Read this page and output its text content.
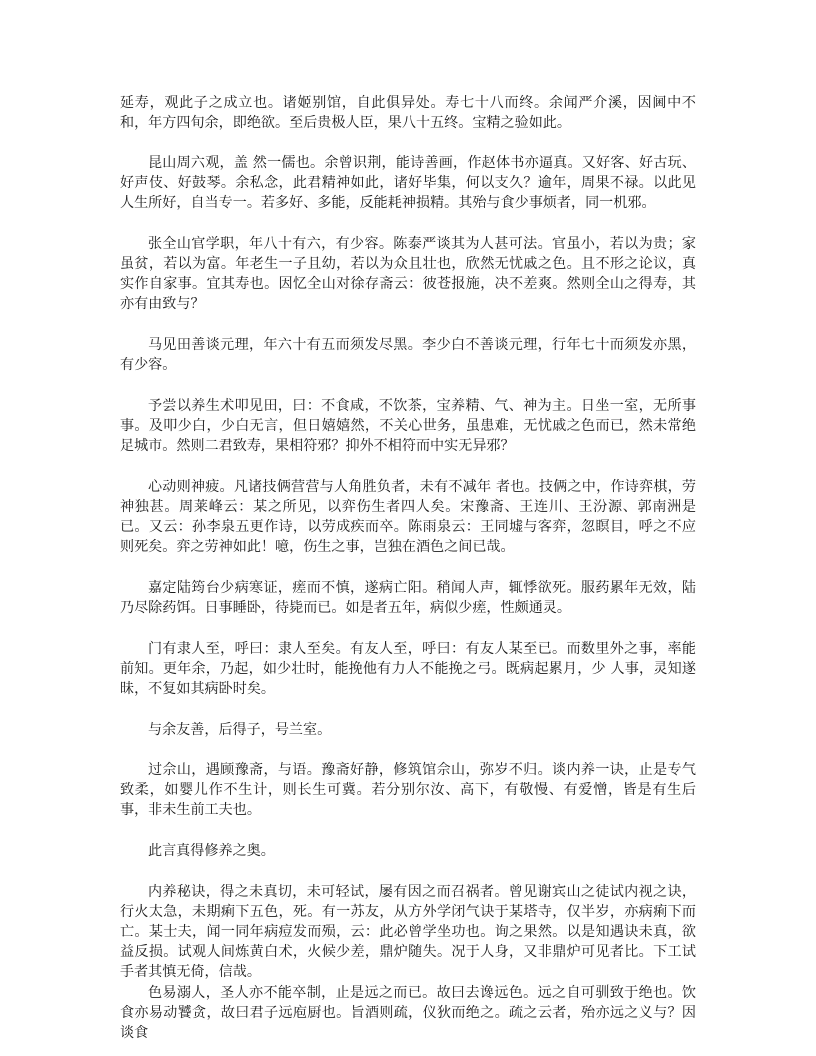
延寿，观此子之成立也。诸姬别馆，自此俱异处。寿七十八而终。余闻严介溪，因阃中不和，年方四旬余，即绝欲。至后贵极人臣，果八十五终。宝精之验如此。

昆山周六观，盖 然一儒也。余曾识荆，能诗善画，作赵体书亦逼真。又好客、好古玩、好声伎、好鼓琴。余私念，此君精神如此，诸好毕集，何以支久？逾年，周果不禄。以此见人生所好，自当专一。若多好、多能，反能耗神损精。其殆与食少事烦者，同一机邪。

张全山官学职，年八十有六，有少容。陈泰严谈其为人甚可法。官虽小，若以为贵；家虽贫，若以为富。年老生一子且幼，若以为众且壮也，欣然无忧戚之色。且不形之论议，真实作自家事。宜其寿也。因忆全山对徐存斋云：彼苍报施，决不差爽。然则全山之得寿，其亦有由致与？

马见田善谈元理，年六十有五而须发尽黑。李少白不善谈元理，行年七十而须发亦黑，有少容。

予尝以养生术叩见田，曰：不食咸，不饮茶，宝养精、气、神为主。日坐一室，无所事事。及叩少白，少白无言，但日嬉嬉然，不关心世务，虽患难，无忧戚之色而已，然未常绝足城市。然则二君致寿，果相符邪？抑外不相符而中实无异邪？

心动则神疲。凡诸技俩营营与人角胜负者，未有不减年 者也。技俩之中，作诗弈棋，劳神独甚。周莱峰云：某之所见，以弈伤生者四人矣。宋豫斋、王连川、王汾源、郭南洲是已。又云：孙李泉五更作诗，以劳成疾而卒。陈雨泉云：王同墟与客弈，忽瞑目，呼之不应则死矣。弈之劳神如此！噫，伤生之事，岂独在酒色之间已哉。

嘉定陆筠台少病寒证，瘥而不慎，遂病亡阳。稍闻人声，辄悸欲死。服药累年无效，陆乃尽除药饵。日事睡卧，待毙而已。如是者五年，病似少瘥，性颇通灵。

门有隶人至，呼曰：隶人至矣。有友人至，呼曰：有友人某至已。而数里外之事，率能前知。更年余，乃起，如少壮时，能挽他有力人不能挽之弓。既病起累月，少 人事，灵知遂昧，不复如其病卧时矣。

与余友善，后得子，号兰室。

过佘山，遇顾豫斋，与语。豫斋好静，修筑馆佘山，弥岁不归。谈内养一诀，止是专气致柔，如婴儿作不生计，则长生可冀。若分别尔汝、高下，有敬慢、有爱憎，皆是有生后事，非未生前工夫也。

此言真得修养之奥。

内养秘诀，得之未真切，未可轻试，屡有因之而召祸者。曾见谢宾山之徒试内视之诀，行火太急，未期痢下五色，死。有一苏友，从方外学闭气诀于某塔寺，仅半岁，亦病痢下而亡。某士夫，闻一同年病痘发而殒，云：此必曾学坐功也。询之果然。以是知遇诀未真，欲益反损。试观人间炼黄白术，火候少差，鼎炉随失。况于人身，又非鼎炉可见者比。下工试手者其慎无倚，信哉。

色易溺人，圣人亦不能卒制，止是远之而已。故曰去谗远色。远之自可驯致于绝也。饮食亦易动饕贪，故曰君子远庖厨也。旨酒则疏，仪狄而绝之。疏之云者，殆亦远之义与？因谈食
